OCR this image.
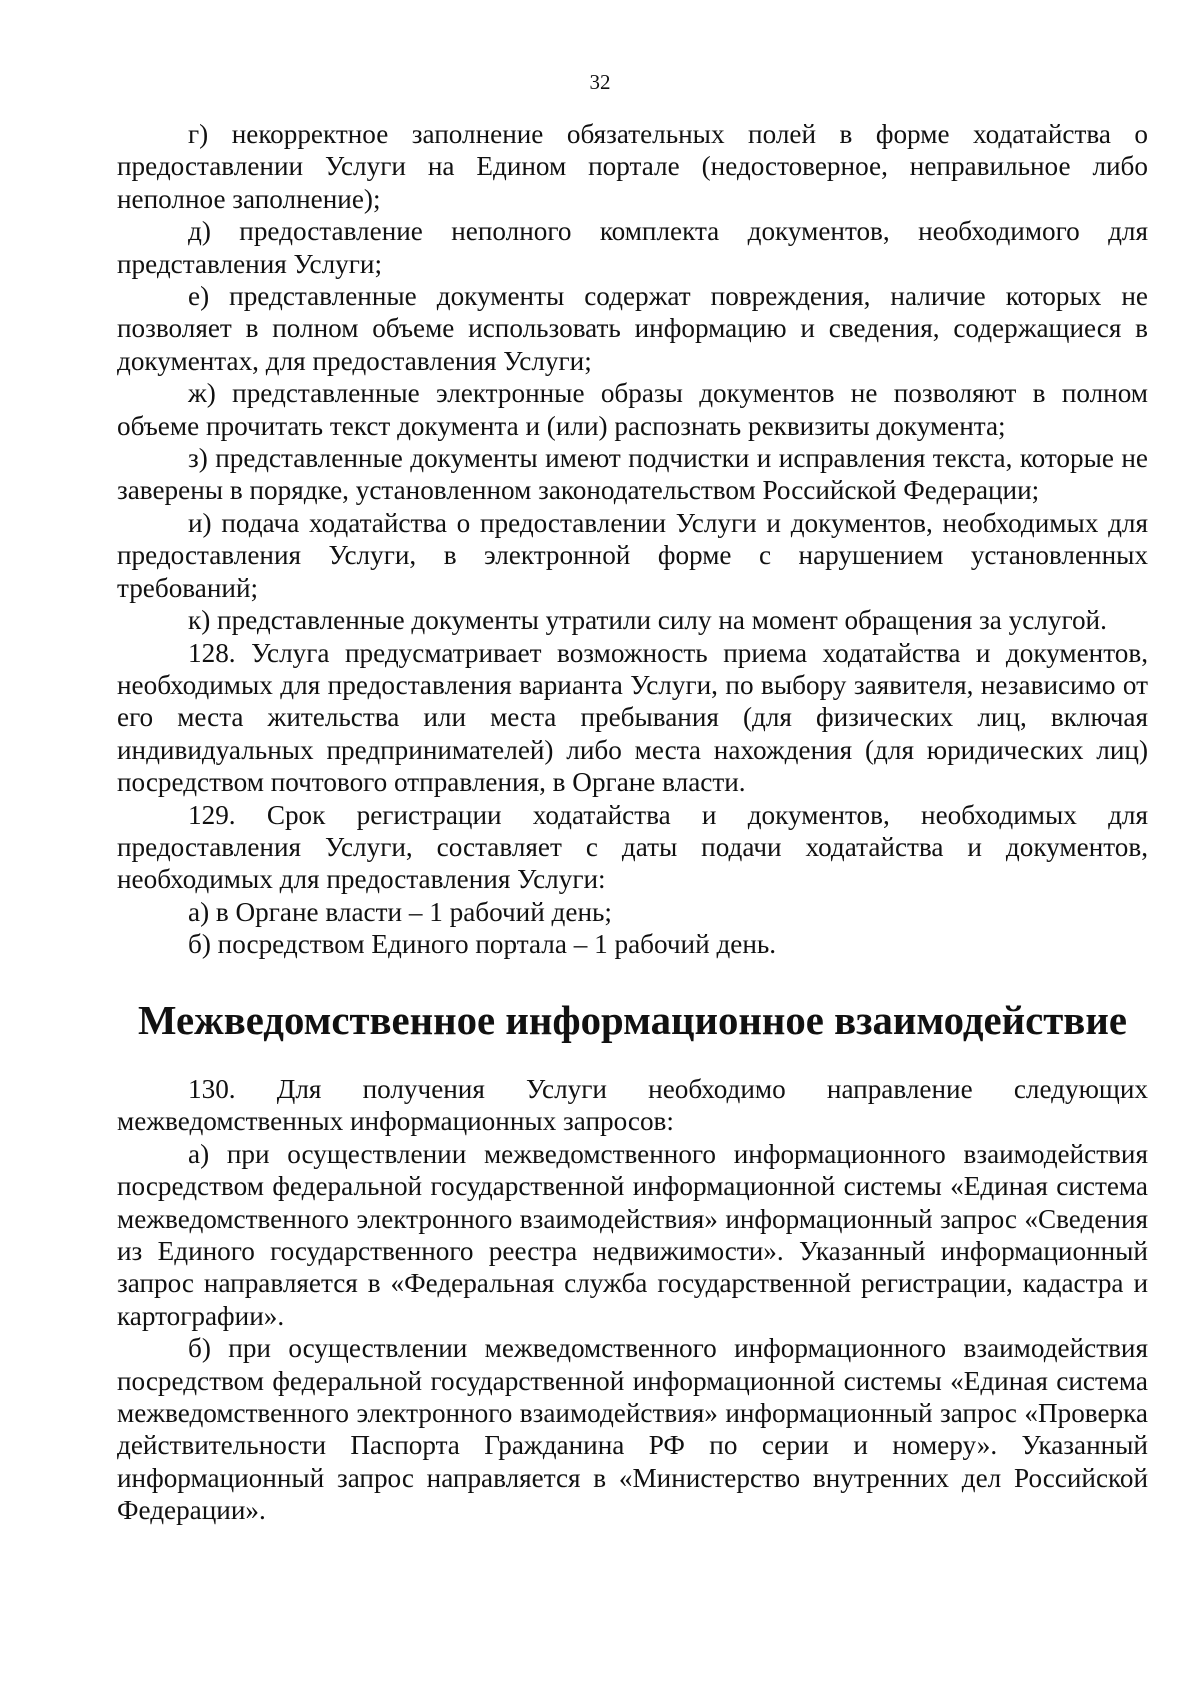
32

г) некорректное заполнение обязательных полей в форме ходатайства о предоставлении Услуги на Едином портале (недостоверное, неправильное либо неполное заполнение);

д) предоставление неполного комплекта документов, необходимого для представления Услуги;

е) представленные документы содержат повреждения, наличие которых не позволяет в полном объеме использовать информацию и сведения, содержащиеся в документах, для предоставления Услуги;

ж) представленные электронные образы документов не позволяют в полном объеме прочитать текст документа и (или) распознать реквизиты документа;

з) представленные документы имеют подчистки и исправления текста, которые не заверены в порядке, установленном законодательством Российской Федерации;

и) подача ходатайства о предоставлении Услуги и документов, необходимых для предоставления Услуги, в электронной форме с нарушением установленных требований;

к) представленные документы утратили силу на момент обращения за услугой.

128. Услуга предусматривает возможность приема ходатайства и документов, необходимых для предоставления варианта Услуги, по выбору заявителя, независимо от его места жительства или места пребывания (для физических лиц, включая индивидуальных предпринимателей) либо места нахождения (для юридических лиц) посредством почтового отправления, в Органе власти.

129. Срок регистрации ходатайства и документов, необходимых для предоставления Услуги, составляет с даты подачи ходатайства и документов, необходимых для предоставления Услуги:

а) в Органе власти – 1 рабочий день;

б) посредством Единого портала – 1 рабочий день.

Межведомственное информационное взаимодействие

130. Для получения Услуги необходимо направление следующих межведомственных информационных запросов:

а) при осуществлении межведомственного информационного взаимодействия посредством федеральной государственной информационной системы «Единая система межведомственного электронного взаимодействия» информационный запрос «Сведения из Единого государственного реестра недвижимости». Указанный информационный запрос направляется в «Федеральная служба государственной регистрации, кадастра и картографии».

б) при осуществлении межведомственного информационного взаимодействия посредством федеральной государственной информационной системы «Единая система межведомственного электронного взаимодействия» информационный запрос «Проверка действительности Паспорта Гражданина РФ по серии и номеру». Указанный информационный запрос направляется в «Министерство внутренних дел Российской Федерации».
